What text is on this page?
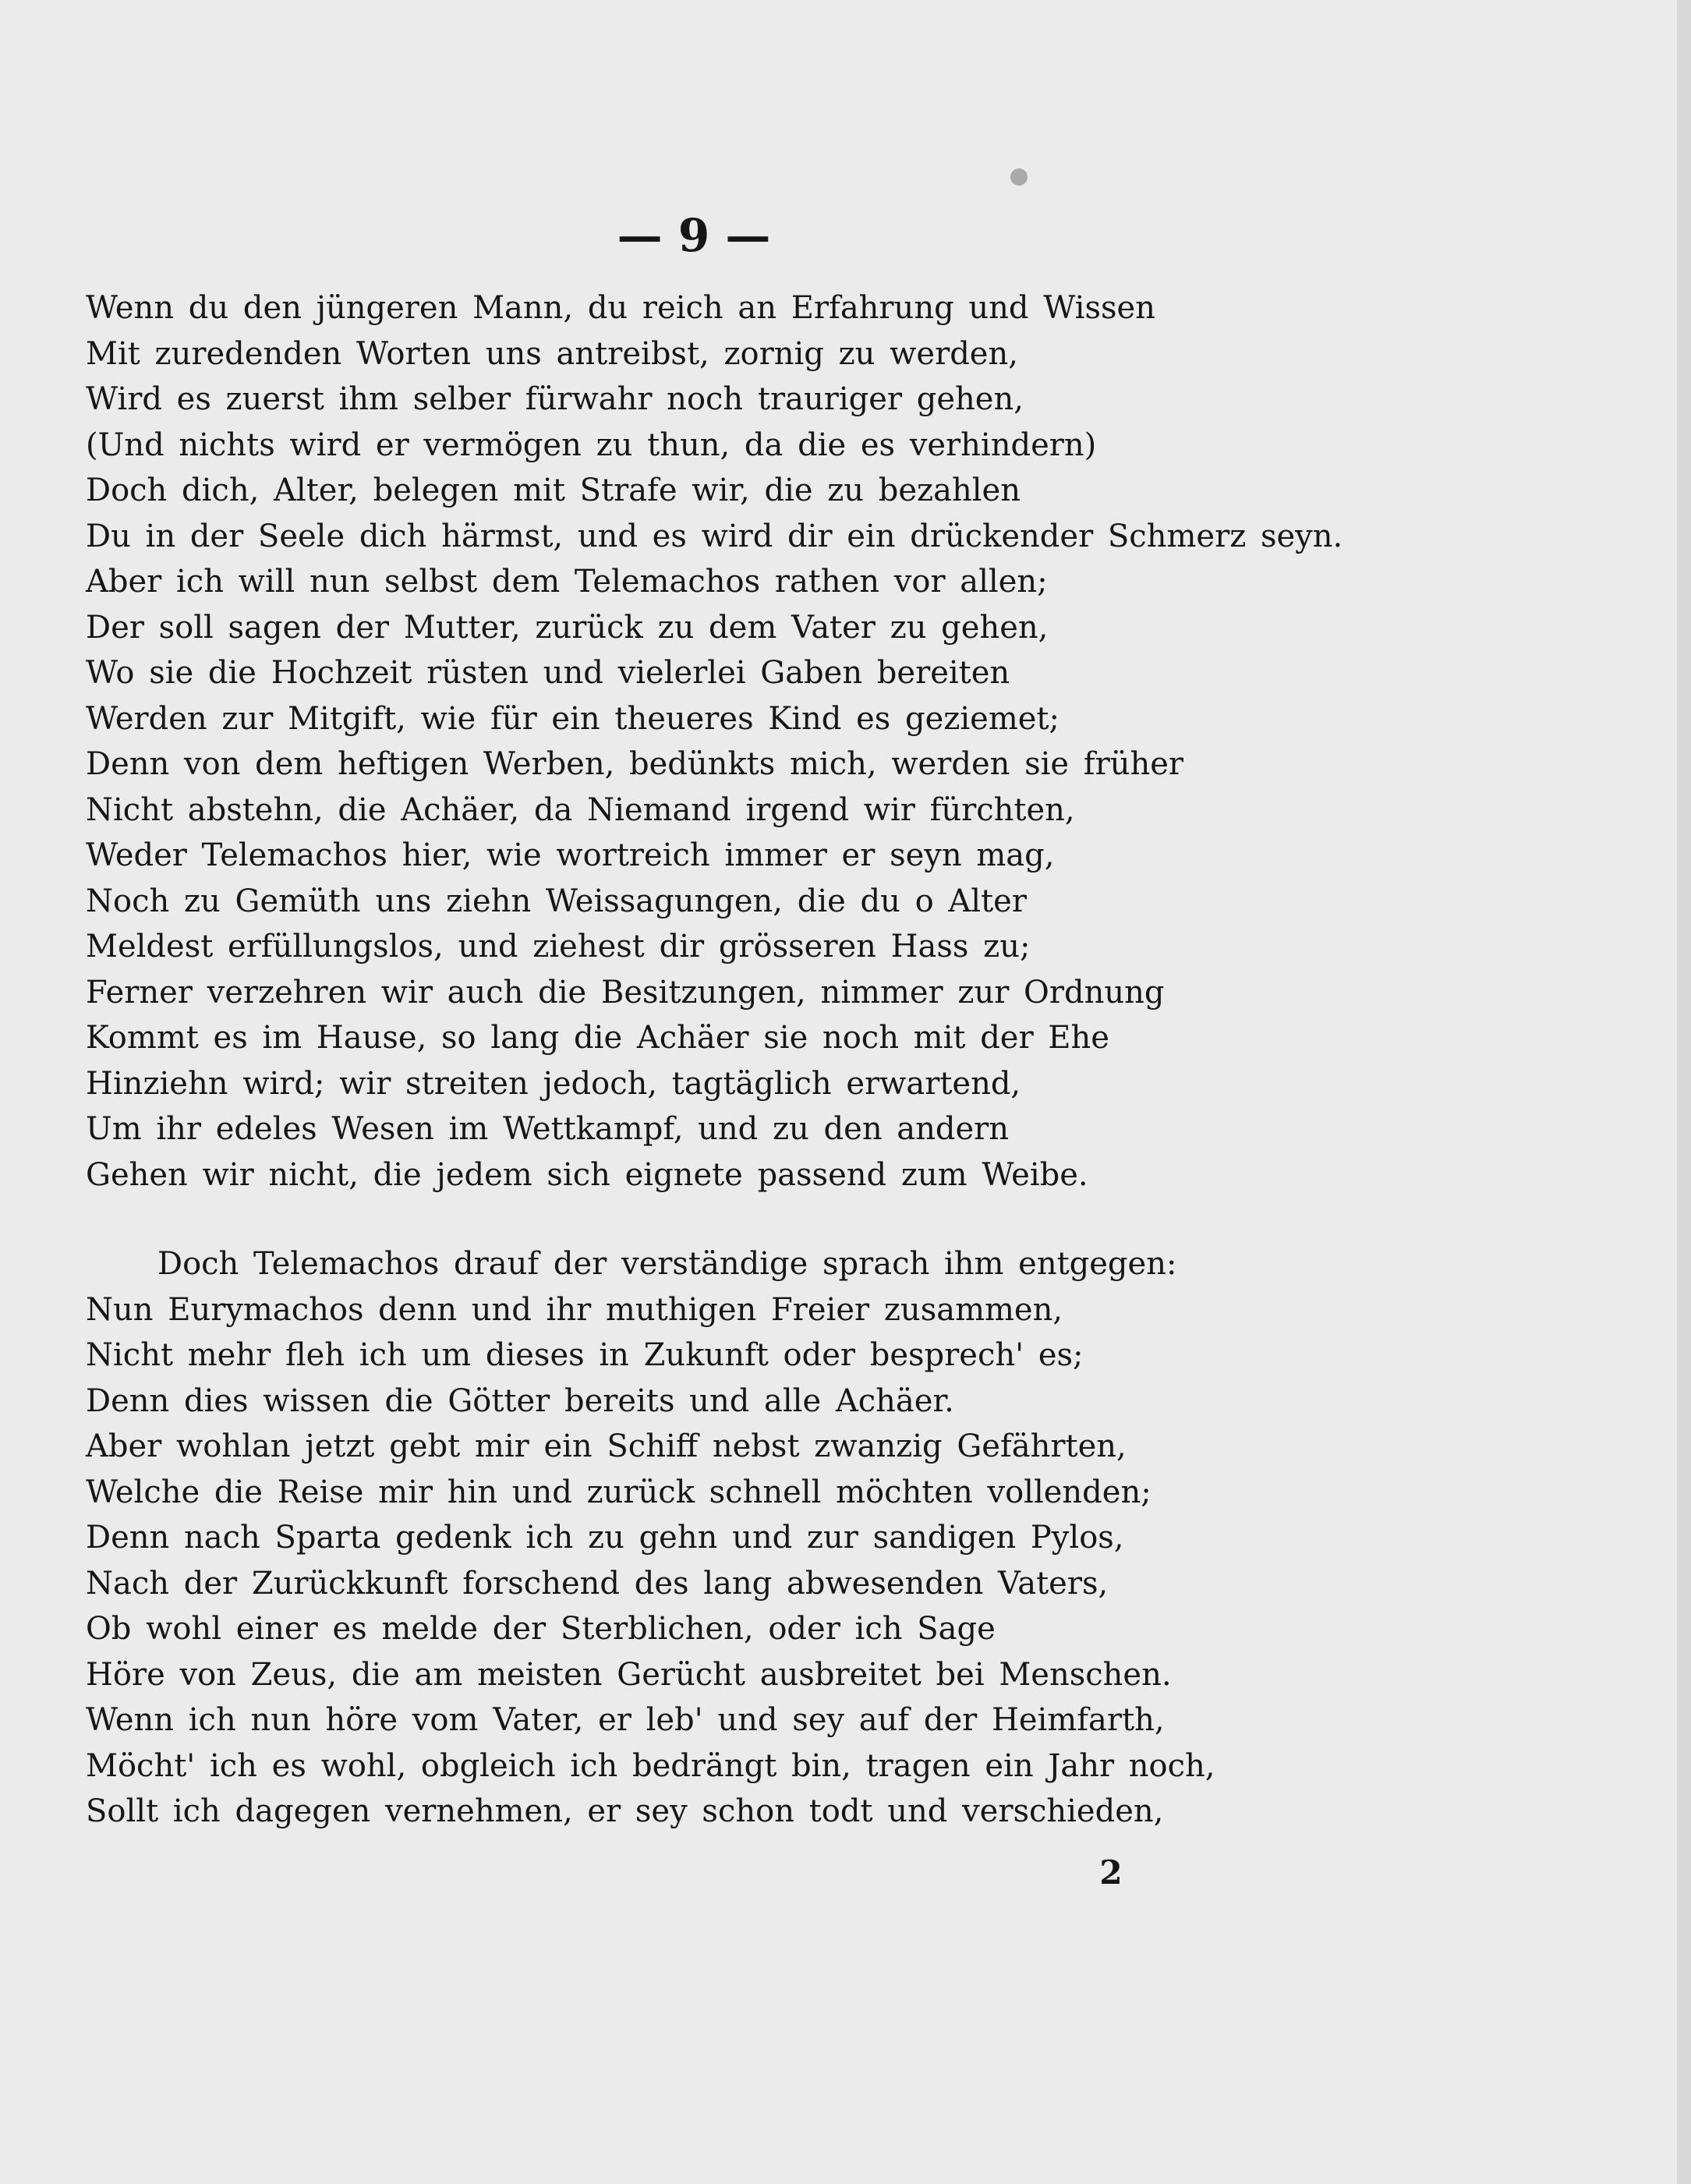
— 9 —
Wenn du den jüngeren Mann, du reich an Erfahrung und Wissen
Mit zuredenden Worten uns antreibst, zornig zu werden,
Wird es zuerst ihm selber fürwahr noch trauriger gehen,
(Und nichts wird er vermögen zu thun, da die es verhindern)
Doch dich, Alter, belegen mit Strafe wir, die zu bezahlen
Du in der Seele dich härmst, und es wird dir ein drückender Schmerz seyn.
Aber ich will nun selbst dem Telemachos rathen vor allen;
Der soll sagen der Mutter, zurück zu dem Vater zu gehen,
Wo sie die Hochzeit rüsten und vielerlei Gaben bereiten
Werden zur Mitgift, wie für ein theueres Kind es geziemet;
Denn von dem heftigen Werben, bedünkts mich, werden sie früher
Nicht abstehn, die Achäer, da Niemand irgend wir fürchten,
Weder Telemachos hier, wie wortreich immer er seyn mag,
Noch zu Gemüth uns ziehn Weissagungen, die du o Alter
Meldest erfüllungslos, und ziehest dir grösseren Hass zu;
Ferner verzehren wir auch die Besitzungen, nimmer zur Ordnung
Kommt es im Hause, so lang die Achäer sie noch mit der Ehe
Hinziehn wird; wir streiten jedoch, tagtäglich erwartend,
Um ihr edeles Wesen im Wettkampf, und zu den andern
Gehen wir nicht, die jedem sich eignete passend zum Weibe.
Doch Telemachos drauf der verständige sprach ihm entgegen:
Nun Eurymachos denn und ihr muthigen Freier zusammen,
Nicht mehr fleh ich um dieses in Zukunft oder besprech' es;
Denn dies wissen die Götter bereits und alle Achäer.
Aber wohlan jetzt gebt mir ein Schiff nebst zwanzig Gefährten,
Welche die Reise mir hin und zurück schnell möchten vollenden;
Denn nach Sparta gedenk ich zu gehn und zur sandigen Pylos,
Nach der Zurückkunft forschend des lang abwesenden Vaters,
Ob wohl einer es melde der Sterblichen, oder ich Sage
Höre von Zeus, die am meisten Gerücht ausbreitet bei Menschen.
Wenn ich nun höre vom Vater, er leb' und sey auf der Heimfarth,
Möcht' ich es wohl, obgleich ich bedrängt bin, tragen ein Jahr noch,
Sollt ich dagegen vernehmen, er sey schon todt und verschieden,
2
